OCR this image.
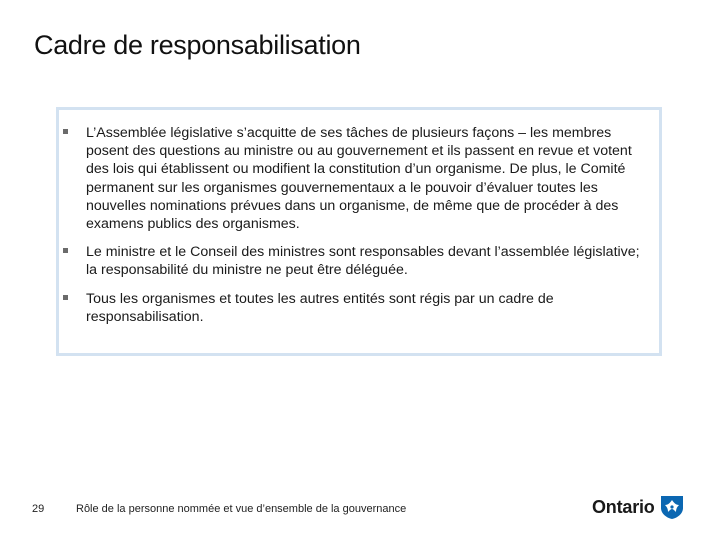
Cadre de responsabilisation
L’Assemblée législative s’acquitte de ses tâches de plusieurs façons – les membres posent des questions au ministre ou au gouvernement et ils passent en revue et votent des lois qui établissent ou modifient la constitution d’un organisme. De plus, le Comité permanent sur les organismes gouvernementaux a le pouvoir d’évaluer toutes les nouvelles nominations prévues dans un organisme, de même que de procéder à des examens publics des organismes.
Le ministre et le Conseil des ministres sont responsables devant l’assemblée législative; la responsabilité du ministre ne peut être déléguée.
Tous les organismes et toutes les autres entités sont régis par un cadre de responsabilisation.
29	Rôle de la personne nommée et vue d’ensemble de la gouvernance	Ontario
